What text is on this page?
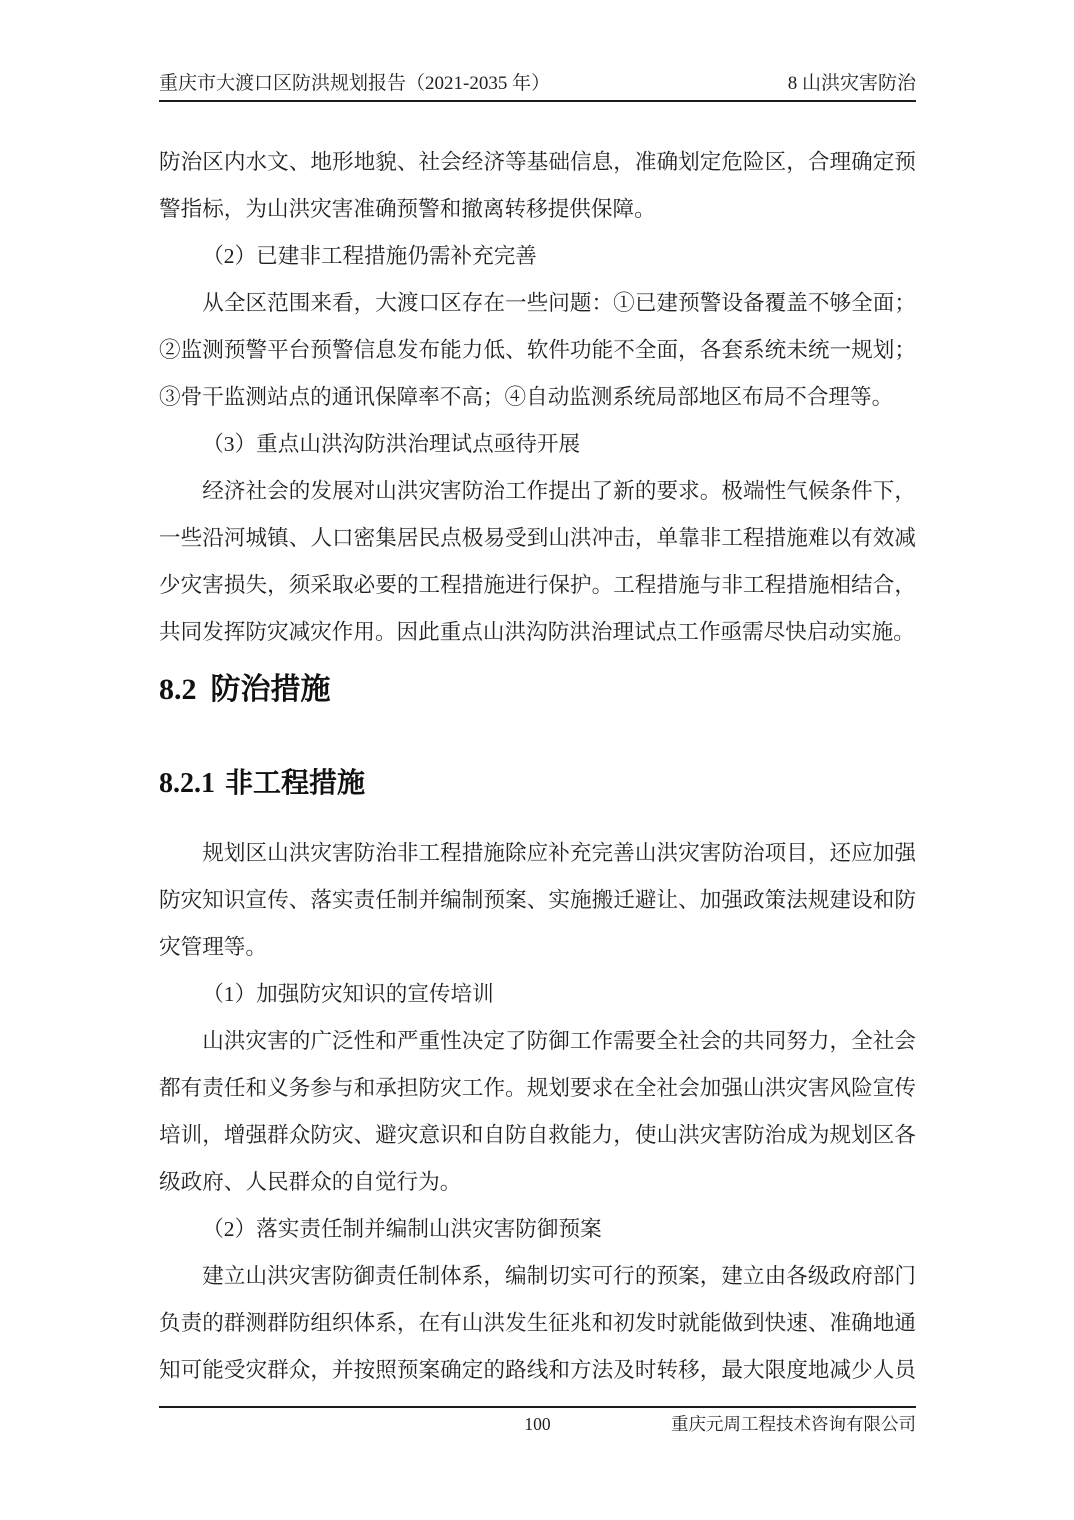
重庆市大渡口区防洪规划报告（2021-2035 年）	8 山洪灾害防治
防治区内水文、地形地貌、社会经济等基础信息，准确划定危险区，合理确定预
警指标，为山洪灾害准确预警和撤离转移提供保障。
（2）已建非工程措施仍需补充完善
从全区范围来看，大渡口区存在一些问题：①已建预警设备覆盖不够全面；
②监测预警平台预警信息发布能力低、软件功能不全面，各套系统未统一规划；
③骨干监测站点的通讯保障率不高；④自动监测系统局部地区布局不合理等。
（3）重点山洪沟防洪治理试点亟待开展
经济社会的发展对山洪灾害防治工作提出了新的要求。极端性气候条件下，
一些沿河城镇、人口密集居民点极易受到山洪冲击，单靠非工程措施难以有效减
少灾害损失，须采取必要的工程措施进行保护。工程措施与非工程措施相结合，
共同发挥防灾减灾作用。因此重点山洪沟防洪治理试点工作亟需尽快启动实施。
8.2 防治措施
8.2.1 非工程措施
规划区山洪灾害防治非工程措施除应补充完善山洪灾害防治项目，还应加强
防灾知识宣传、落实责任制并编制预案、实施搬迁避让、加强政策法规建设和防
灾管理等。
（1）加强防灾知识的宣传培训
山洪灾害的广泛性和严重性决定了防御工作需要全社会的共同努力，全社会
都有责任和义务参与和承担防灾工作。规划要求在全社会加强山洪灾害风险宣传
培训，增强群众防灾、避灾意识和自防自救能力，使山洪灾害防治成为规划区各
级政府、人民群众的自觉行为。
（2）落实责任制并编制山洪灾害防御预案
建立山洪灾害防御责任制体系，编制切实可行的预案，建立由各级政府部门
负责的群测群防组织体系，在有山洪发生征兆和初发时就能做到快速、准确地通
知可能受灾群众，并按照预案确定的路线和方法及时转移，最大限度地减少人员
100	重庆元周工程技术咨询有限公司
